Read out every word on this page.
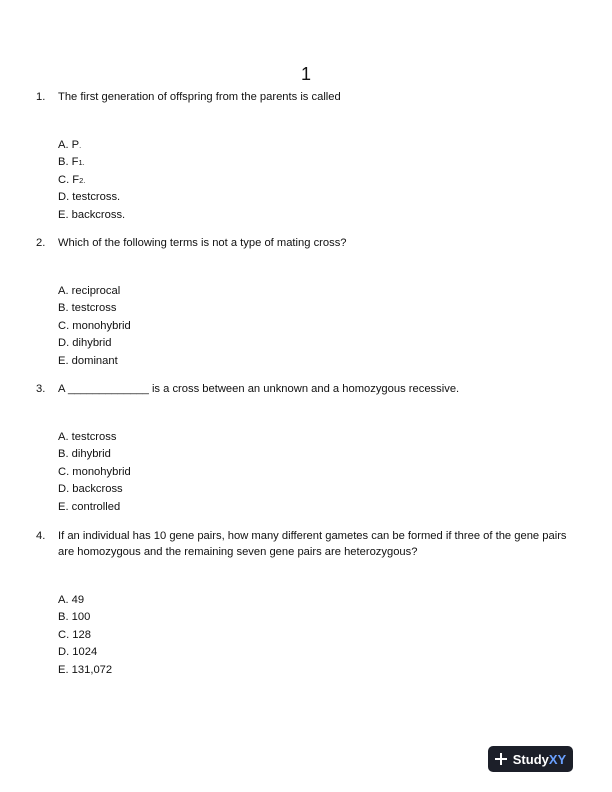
1
1. The first generation of offspring from the parents is called
A. P.
B. F1.
C. F2.
D. testcross.
E. backcross.
2. Which of the following terms is not a type of mating cross?
A. reciprocal
B. testcross
C. monohybrid
D. dihybrid
E. dominant
3. A _____________ is a cross between an unknown and a homozygous recessive.
A. testcross
B. dihybrid
C. monohybrid
D. backcross
E. controlled
4. If an individual has 10 gene pairs, how many different gametes can be formed if three of the gene pairs are homozygous and the remaining seven gene pairs are heterozygous?
A. 49
B. 100
C. 128
D. 1024
E. 131,072
Study XY
